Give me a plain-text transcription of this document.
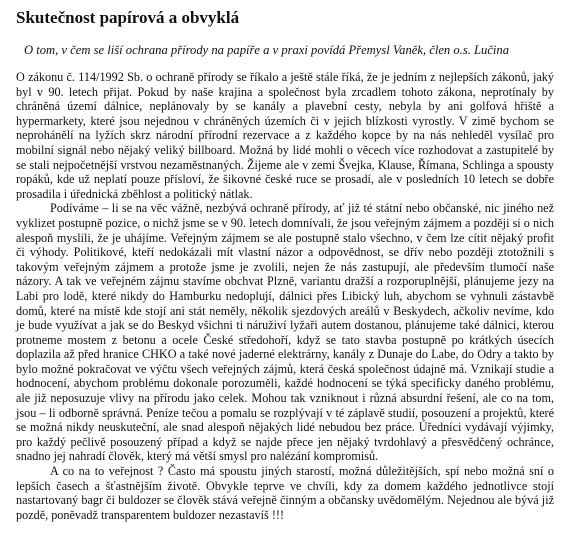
Skutečnost papírová a obvyklá
O tom, v čem se liší ochrana přírody na papíře a v praxi povídá Přemysl Vaněk, člen o.s. Lučina

O zákonu č. 114/1992 Sb. o ochraně přírody se říkalo a ještě stále říká, že je jedním z nejlepších zákonů, jaký byl v 90. letech přijat. Pokud by naše krajina a společnost byla zrcadlem tohoto zákona, neprotínaly by chráněná území dálnice, neplánovaly by se kanály a plavební cesty, nebyla by ani golfová hřiště a hypermarkety, které jsou nejednou v chráněných územích či v jejich blízkosti vyrostly. V zimě bychom se neprohánělí na lyžích skrz národní přírodní rezervace a z každého kopce by na nás nehleděl vysílač pro mobilní signál nebo nějaký veliký billboard. Možná by lidé mohli o věcech více rozhodovat a zastupitelé by se stali nejpočetnější vrstvou nezaměstnaných. Žijeme ale v zemi Švejka, Klause, Římana, Schlinga a spousty ropáků, kde už neplatí pouze přísloví, že šikovné české ruce se prosadí, ale v posledních 10 letech se dobře prosadila i úřednická zběhlost a politický nátlak.

Podíváme – li se na věc vážně, nezbývá ochraně přírody, ať již té státní nebo občanské, nic jiného než vyklizet postupně pozice, o nichž jsme se v 90. letech domnívali, že jsou veřejným zájmem a později si o nich alespoň myslili, že je uhájíme. Veřejným zájmem se ale postupně stalo všechno, v čem lze cítit nějaký profit či výhody. Politikové, kteří nedokázali mít vlastní názor a odpovědnost, se dřív nebo později ztotožnili s takovým veřejným zájmem a protože jsme je zvolili, nejen že nás zastupují, ale především tlumočí naše názory. A tak ve veřejném zájmu stavíme obchvat Plzně, variantu dražší a rozporuplnější, plánujeme jezy na Labi pro lodě, které nikdy do Hamburku nedoplují, dálnici přes Libický luh, abychom se vyhnuli zástavbě domů, které na místě kde stojí ani stát neměly, několik sjezdových areálů v Beskydech, ačkoliv nevíme, kdo je bude využívat a jak se do Beskyd všichni ti náruživí lyžaři autem dostanou, plánujeme také dálnici, kterou protneme mostem z betonu a ocele České středohoří, když se tato stavba postupně po krátkých úsecích doplazila až před hranice CHKO a také nové jaderné elektrárny, kanály z Dunaje do Labe, do Odry a takto by bylo možné pokračovat ve výčtu všech veřejných zájmů, která česká společnost údajně má. Vznikají studie a hodnocení, abychom problému dokonale porozuměli, každé hodnocení se týká specificky daného problému, ale již neposuzuje vlivy na přírodu jako celek. Mohou tak vzniknout i různá absurdní řešení, ale co na tom, jsou – li odborně správná. Peníze tečou a pomalu se rozplývají v té záplavě studií, posouzení a projektů, které se možná nikdy neuskuteční, ale snad alespoň nějakých lidé nebudou bez práce. Úředníci vydávají výjimky, pro každý pečlivě posouzený případ a když se najde přece jen nějaký tvrdohlavý a přesvědčený ochránce, snadno jej nahradí člověk, který má větší smysl pro nalézání kompromisů.

A co na to veřejnost ? Často má spoustu jiných starostí, možná důležitějších, spí nebo možná sní o lepších časech a šťastnějším životě. Obvykle teprve ve chvíli, kdy za domem každého jednotlivce stojí nastartovaný bagr či buldozer se člověk stává veřejně činným a občansky uvědomělým. Nejednou ale bývá již pozdě, poněvadž transparentem buldozer nezastavíš !!!
